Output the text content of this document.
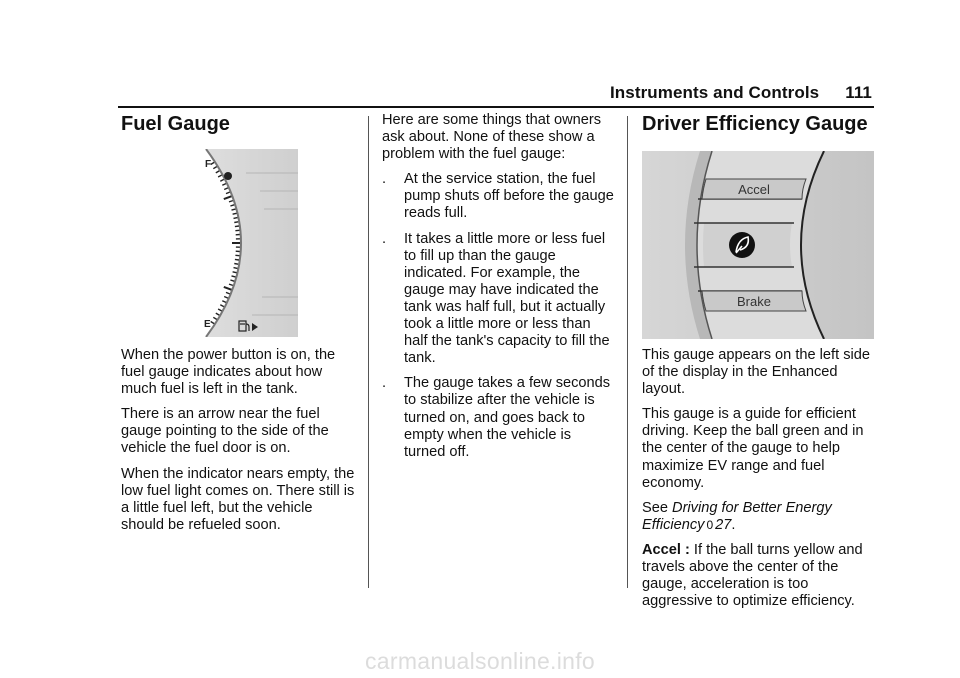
Instruments and Controls 111
Fuel Gauge
F
E

When the power button is on, the fuel gauge indicates about how much fuel is left in the tank.

There is an arrow near the fuel gauge pointing to the side of the vehicle the fuel door is on.

When the indicator nears empty, the low fuel light comes on. There still is a little fuel left, but the vehicle should be refueled soon.

Here are some things that owners ask about. None of these show a problem with the fuel gauge:

. At the service station, the fuel pump shuts off before the gauge reads full.
. It takes a little more or less fuel to fill up than the gauge indicated. For example, the gauge may have indicated the tank was half full, but it actually took a little more or less than half the tank's capacity to fill the tank.
. The gauge takes a few seconds to stabilize after the vehicle is turned on, and goes back to empty when the vehicle is turned off.
Driver Efficiency Gauge
Accel
Brake

This gauge appears on the left side of the display in the Enhanced layout.

This gauge is a guide for efficient driving. Keep the ball green and in the center of the gauge to help maximize EV range and fuel economy.

See Driving for Better Energy Efficiency 0 27.

Accel : If the ball turns yellow and travels above the center of the gauge, acceleration is too aggressive to optimize efficiency.

carmanualsonline.info
